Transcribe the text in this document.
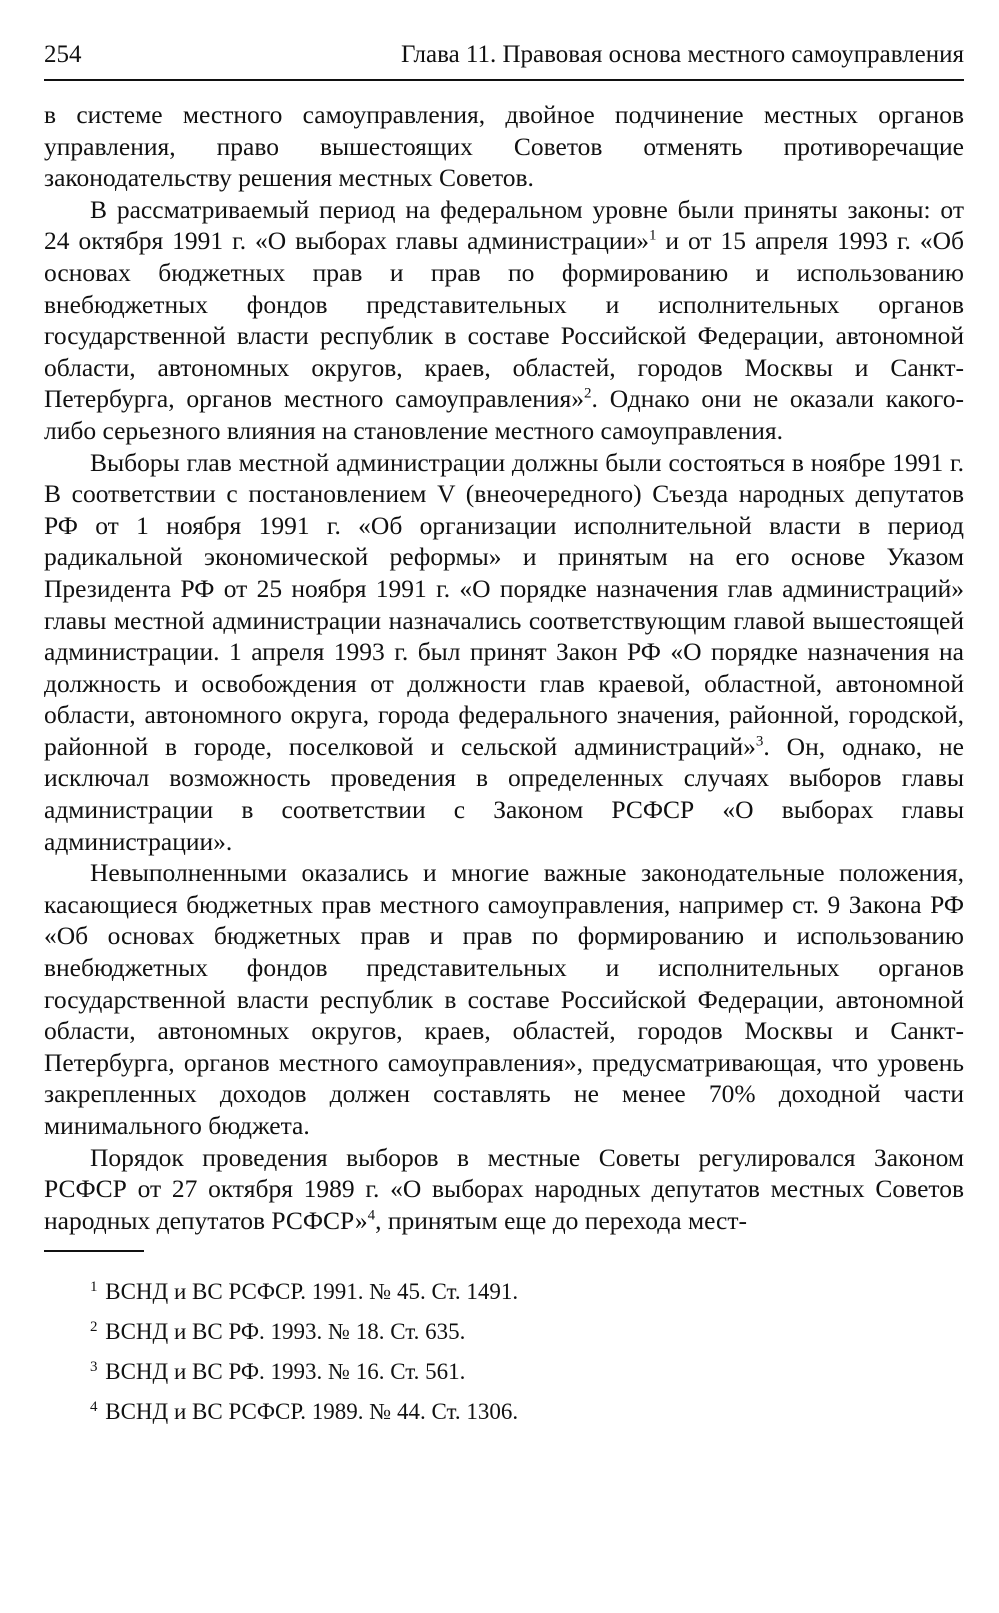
254	Глава 11. Правовая основа местного самоуправления

в системе местного самоуправления, двойное подчинение местных органов управления, право вышестоящих Советов отменять противоречащие законодательству решения местных Советов.

В рассматриваемый период на федеральном уровне были приняты законы: от 24 октября 1991 г. «О выборах главы администрации»$^1$ и от 15 апреля 1993 г. «Об основах бюджетных прав и прав по формированию и использованию внебюджетных фондов представительных и исполнительных органов государственной власти республик в составе Российской Федерации, автономной области, автономных округов, краев, областей, городов Москвы и Санкт-Петербурга, органов местного самоуправления»$^2$. Однако они не оказали какого-либо серьезного влияния на становление местного самоуправления.

Выборы глав местной администрации должны были состояться в ноябре 1991 г. В соответствии с постановлением V (внеочередного) Съезда народных депутатов РФ от 1 ноября 1991 г. «Об организации исполнительной власти в период радикальной экономической реформы» и принятым на его основе Указом Президента РФ от 25 ноября 1991 г. «О порядке назначения глав администраций» главы местной администрации назначались соответствующим главой вышестоящей администрации. 1 апреля 1993 г. был принят Закон РФ «О порядке назначения на должность и освобождения от должности глав краевой, областной, автономной области, автономного округа, города федерального значения, районной, городской, районной в городе, поселковой и сельской администраций»$^3$. Он, однако, не исключал возможность проведения в определенных случаях выборов главы администрации в соответствии с Законом РСФСР «О выборах главы администрации».

Невыполненными оказались и многие важные законодательные положения, касающиеся бюджетных прав местного самоуправления, например ст. 9 Закона РФ «Об основах бюджетных прав и прав по формированию и использованию внебюджетных фондов представительных и исполнительных органов государственной власти республик в составе Российской Федерации, автономной области, автономных округов, краев, областей, городов Москвы и Санкт-Петербурга, органов местного самоуправления», предусматривающая, что уровень закрепленных доходов должен составлять не менее 70% доходной части минимального бюджета.

Порядок проведения выборов в местные Советы регулировался Законом РСФСР от 27 октября 1989 г. «О выборах народных депутатов местных Советов народных депутатов РСФСР»$^4$, принятым еще до перехода мест-

$^1$ ВСНД и ВС РСФСР. 1991. № 45. Ст. 1491.
$^2$ ВСНД и ВС РФ. 1993. № 18. Ст. 635.
$^3$ ВСНД и ВС РФ. 1993. № 16. Ст. 561.
$^4$ ВСНД и ВС РСФСР. 1989. № 44. Ст. 1306.
